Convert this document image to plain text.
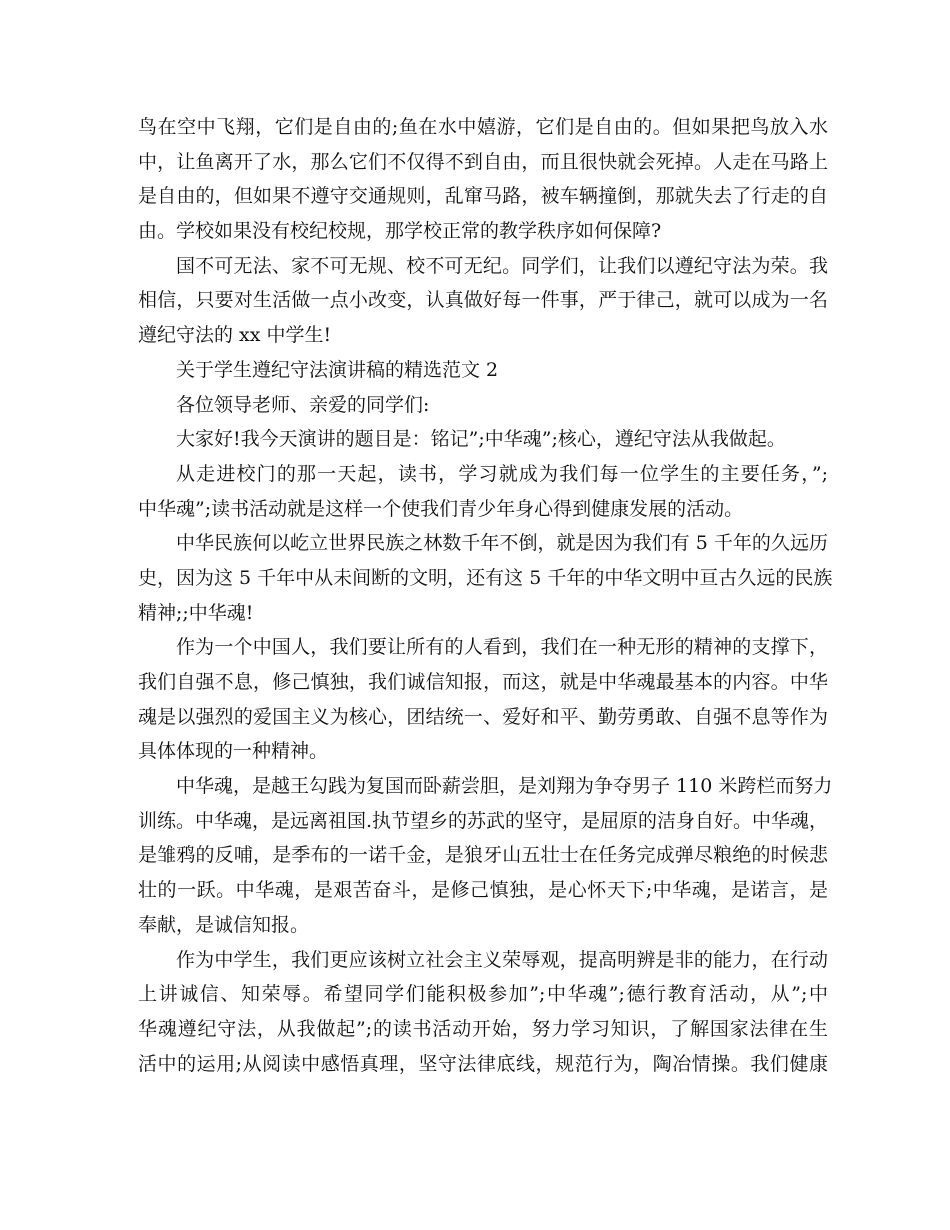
鸟在空中飞翔，它们是自由的;鱼在水中嬉游，它们是自由的。但如果把鸟放入水
中，让鱼离开了水，那么它们不仅得不到自由，而且很快就会死掉。人走在马路上
是自由的，但如果不遵守交通规则，乱窜马路，被车辆撞倒，那就失去了行走的自
由。学校如果没有校纪校规，那学校正常的教学秩序如何保障?
国不可无法、家不可无规、校不可无纪。同学们，让我们以遵纪守法为荣。我
相信，只要对生活做一点小改变，认真做好每一件事，严于律己，就可以成为一名
遵纪守法的 xx 中学生!
关于学生遵纪守法演讲稿的精选范文 2
各位领导老师、亲爱的同学们:
大家好!我今天演讲的题目是：铭记”;中华魂”;核心，遵纪守法从我做起。
从走进校门的那一天起，读书，学习就成为我们每一位学生的主要任务，”;
中华魂”;读书活动就是这样一个使我们青少年身心得到健康发展的活动。
中华民族何以屹立世界民族之林数千年不倒，就是因为我们有 5 千年的久远历
史，因为这 5 千年中从未间断的文明，还有这 5 千年的中华文明中亘古久远的民族
精神;;中华魂!
作为一个中国人，我们要让所有的人看到，我们在一种无形的精神的支撑下，
我们自强不息，修己慎独，我们诚信知报，而这，就是中华魂最基本的内容。中华
魂是以强烈的爱国主义为核心，团结统一、爱好和平、勤劳勇敢、自强不息等作为
具体体现的一种精神。
中华魂，是越王勾践为复国而卧薪尝胆，是刘翔为争夺男子 110 米跨栏而努力
训练。中华魂，是远离祖国.执节望乡的苏武的坚守，是屈原的洁身自好。中华魂，
是雏鸦的反哺，是季布的一诺千金，是狼牙山五壮士在任务完成弹尽粮绝的时候悲
壮的一跃。中华魂，是艰苦奋斗，是修己慎独，是心怀天下;中华魂，是诺言，是
奉献，是诚信知报。
作为中学生，我们更应该树立社会主义荣辱观，提高明辨是非的能力，在行动
上讲诚信、知荣辱。希望同学们能积极参加”;中华魂”;德行教育活动，从”;中
华魂遵纪守法，从我做起”;的读书活动开始，努力学习知识，了解国家法律在生
活中的运用;从阅读中感悟真理，坚守法律底线，规范行为，陶冶情操。我们健康
